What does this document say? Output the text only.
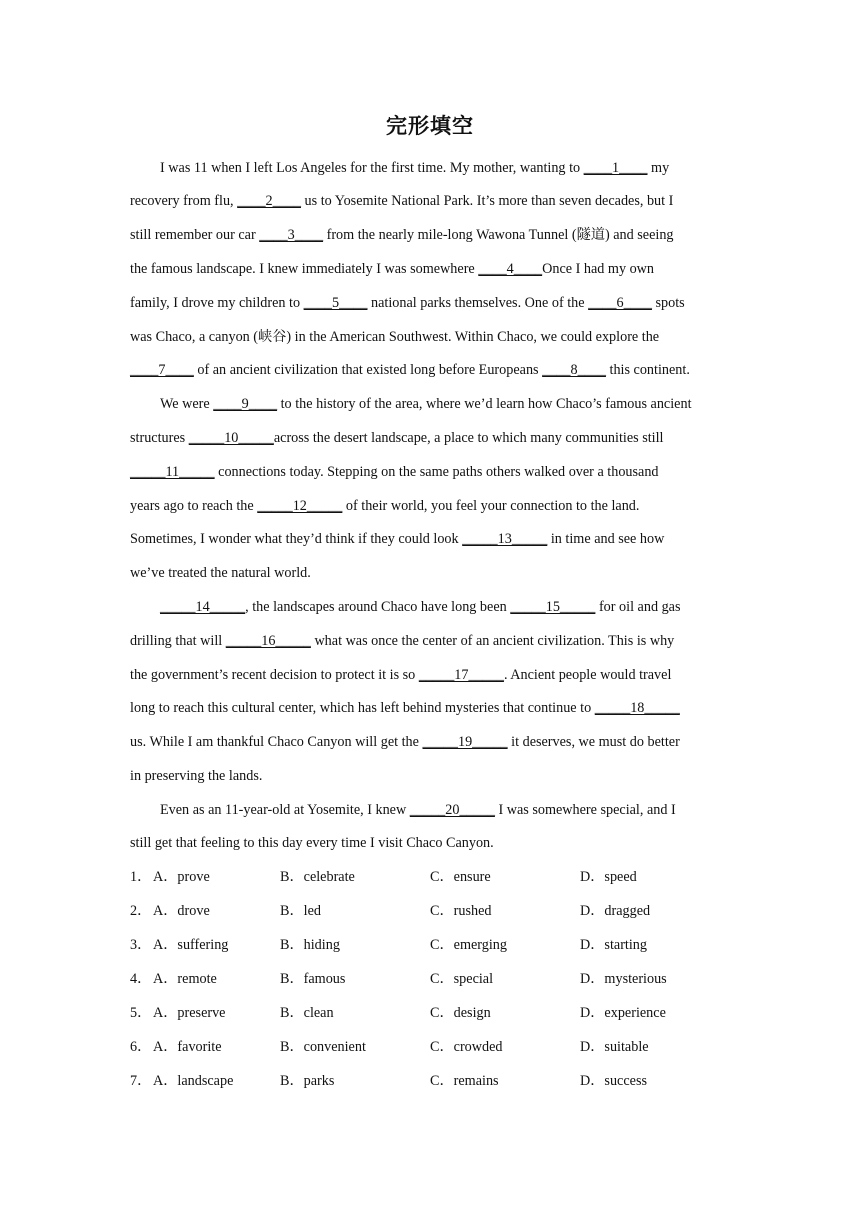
完形填空
I was 11 when I left Los Angeles for the first time. My mother, wanting to ____1____ my
recovery from flu, ____2____ us to Yosemite National Park. It’s more than seven decades, but I
still remember our car ____3____ from the nearly mile-long Wawona Tunnel (隧道) and seeing
the famous landscape. I knew immediately I was somewhere ____4____Once I had my own
family, I drove my children to ____5____ national parks themselves. One of the ____6____ spots
was Chaco, a canyon (峡谷) in the American Southwest. Within Chaco, we could explore the
____7____ of an ancient civilization that existed long before Europeans ____8____ this continent.
We were ____9____ to the history of the area, where we’d learn how Chaco’s famous ancient
structures _____10_____across the desert landscape, a place to which many communities still
_____11_____ connections today. Stepping on the same paths others walked over a thousand
years ago to reach the _____12_____ of their world, you feel your connection to the land.
Sometimes, I wonder what they’d think if they could look _____13_____ in time and see how
we’ve treated the natural world.
_____14_____, the landscapes around Chaco have long been _____15_____ for oil and gas
drilling that will _____16_____ what was once the center of an ancient civilization. This is why
the government’s recent decision to protect it is so _____17_____. Ancient people would travel
long to reach this cultural center, which has left behind mysteries that continue to _____18_____
us. While I am thankful Chaco Canyon will get the _____19_____ it deserves, we must do better
in preserving the lands.
Even as an 11-year-old at Yosemite, I knew _____20_____ I was somewhere special, and I
still get that feeling to this day every time I visit Chaco Canyon.
1． A．prove	B．celebrate	C．ensure	D．speed
2． A．drove	B．led	C．rushed	D．dragged
3． A．suffering	B．hiding	C．emerging	D．starting
4． A．remote	B．famous	C．special	D．mysterious
5． A．preserve	B．clean	C．design	D．experience
6． A．favorite	B．convenient	C．crowded	D．suitable
7． A．landscape	B．parks	C．remains	D．success
